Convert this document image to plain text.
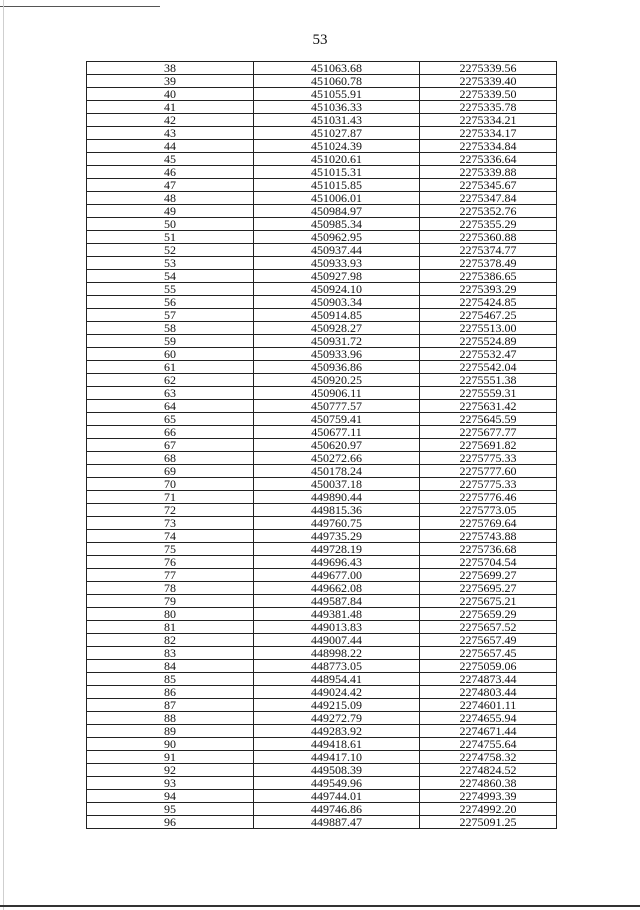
53
38	451063.68	2275339.56
39	451060.78	2275339.40
40	451055.91	2275339.50
41	451036.33	2275335.78
42	451031.43	2275334.21
43	451027.87	2275334.17
44	451024.39	2275334.84
45	451020.61	2275336.64
46	451015.31	2275339.88
47	451015.85	2275345.67
48	451006.01	2275347.84
49	450984.97	2275352.76
50	450985.34	2275355.29
51	450962.95	2275360.88
52	450937.44	2275374.77
53	450933.93	2275378.49
54	450927.98	2275386.65
55	450924.10	2275393.29
56	450903.34	2275424.85
57	450914.85	2275467.25
58	450928.27	2275513.00
59	450931.72	2275524.89
60	450933.96	2275532.47
61	450936.86	2275542.04
62	450920.25	2275551.38
63	450906.11	2275559.31
64	450777.57	2275631.42
65	450759.41	2275645.59
66	450677.11	2275677.77
67	450620.97	2275691.82
68	450272.66	2275775.33
69	450178.24	2275777.60
70	450037.18	2275775.33
71	449890.44	2275776.46
72	449815.36	2275773.05
73	449760.75	2275769.64
74	449735.29	2275743.88
75	449728.19	2275736.68
76	449696.43	2275704.54
77	449677.00	2275699.27
78	449662.08	2275695.27
79	449587.84	2275675.21
80	449381.48	2275659.29
81	449013.83	2275657.52
82	449007.44	2275657.49
83	448998.22	2275657.45
84	448773.05	2275059.06
85	448954.41	2274873.44
86	449024.42	2274803.44
87	449215.09	2274601.11
88	449272.79	2274655.94
89	449283.92	2274671.44
90	449418.61	2274755.64
91	449417.10	2274758.32
92	449508.39	2274824.52
93	449549.96	2274860.38
94	449744.01	2274993.39
95	449746.86	2274992.20
96	449887.47	2275091.25
